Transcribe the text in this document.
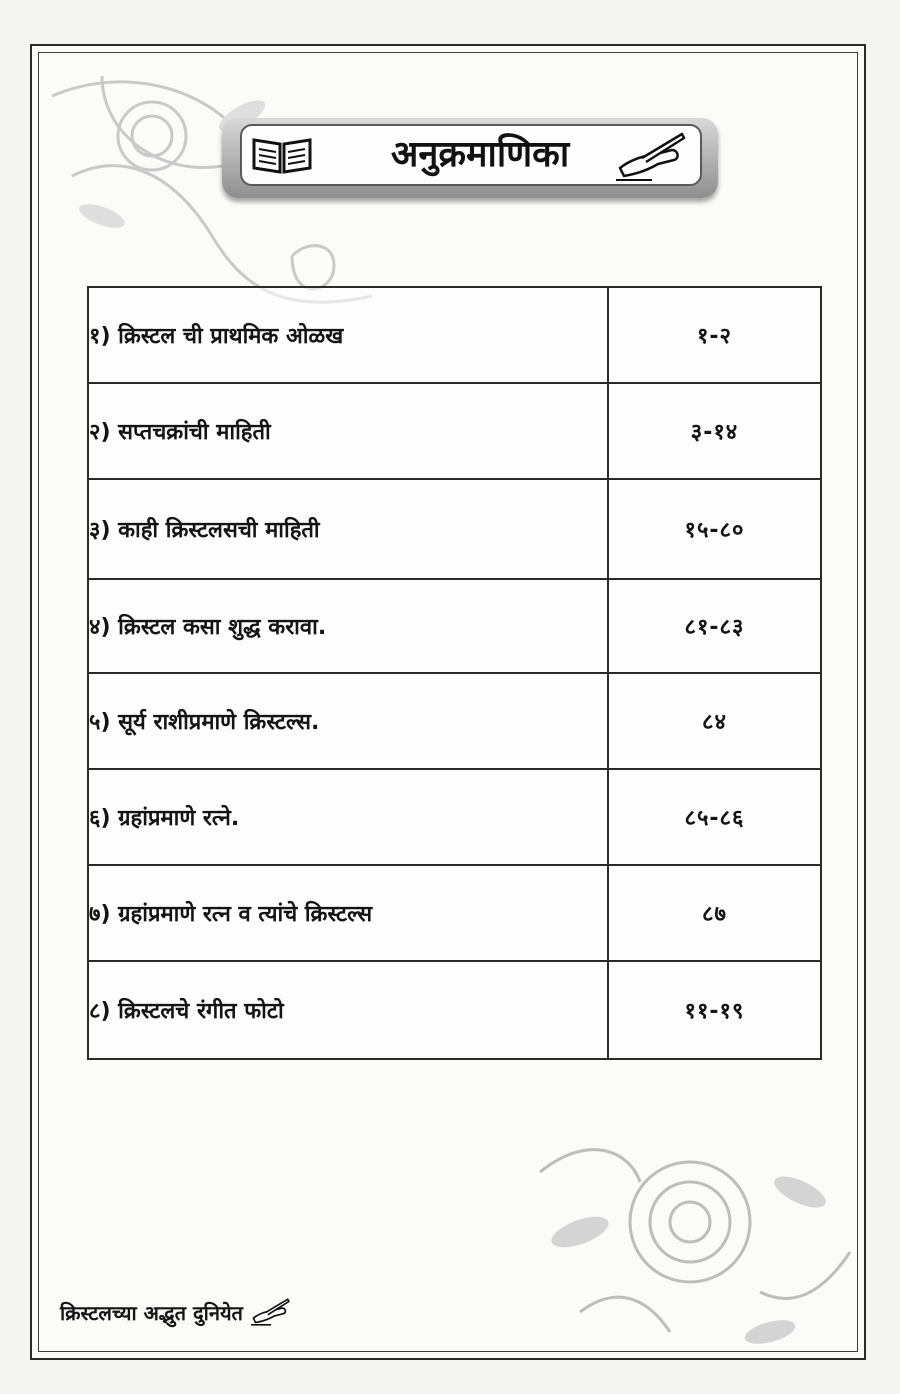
अनुक्रमाणिका
१) क्रिस्टल ची प्राथमिक ओळख	१-२
२) सप्तचक्रांची माहिती	३-१४
३) काही क्रिस्टलसची माहिती	१५-८०
४) क्रिस्टल कसा शुद्ध करावा.	८१-८३
५) सूर्य राशीप्रमाणे क्रिस्टल्स.	८४
६) ग्रहांप्रमाणे रत्ने.	८५-८६
७) ग्रहांप्रमाणे रत्न व त्यांचे क्रिस्टल्स	८७
८) क्रिस्टलचे रंगीत फोटो	११-१९
क्रिस्टलच्या अद्भुत दुनियेत
